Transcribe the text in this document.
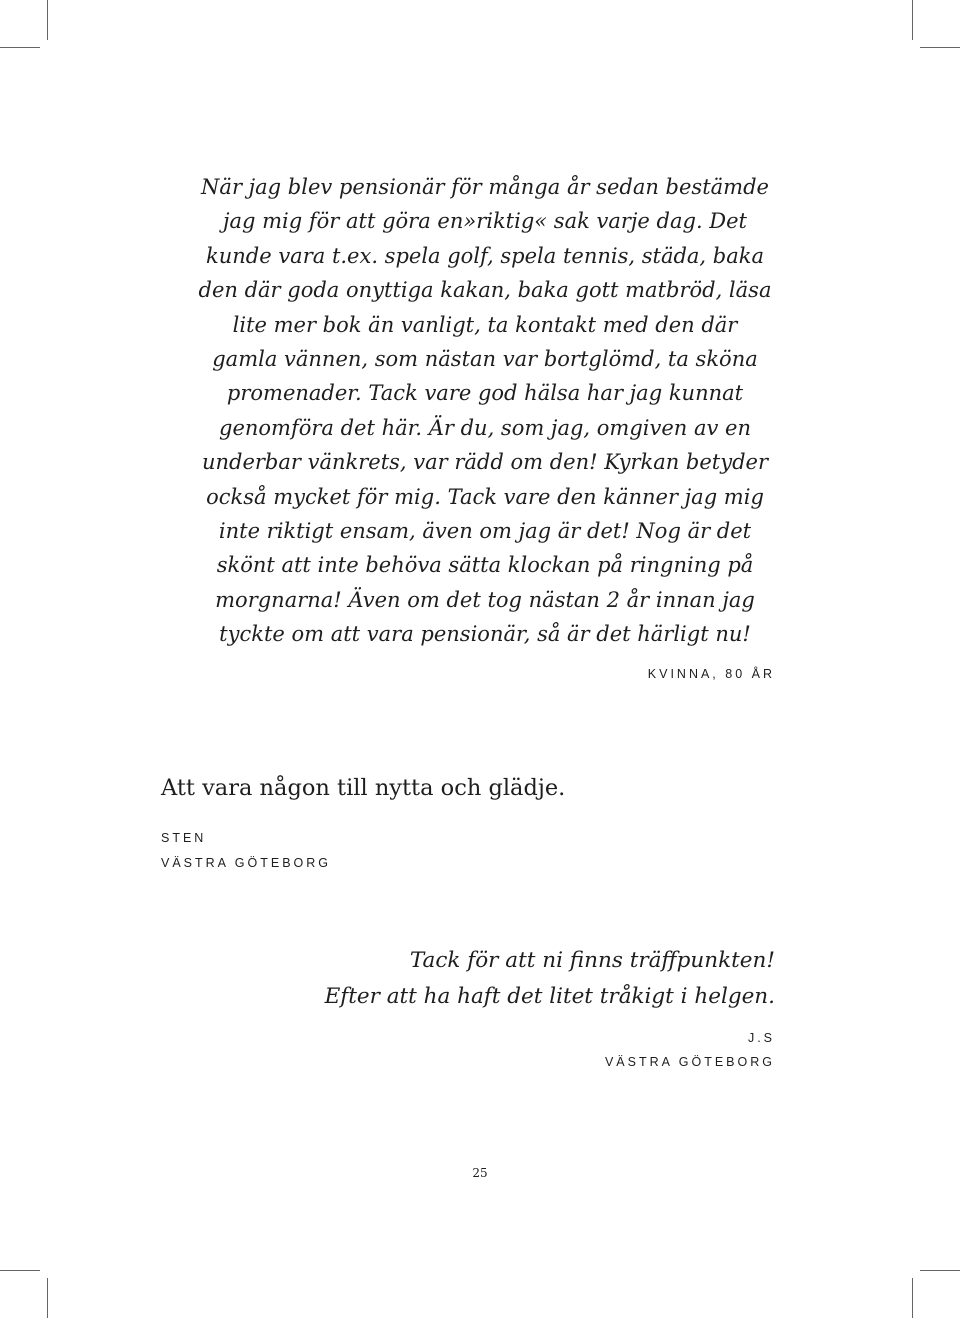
När jag blev pensionär för många år sedan bestämde
jag mig för att göra en»riktig« sak varje dag. Det
kunde vara t.ex. spela golf, spela tennis, städa, baka
den där goda onyttiga kakan, baka gott matbröd, läsa
lite mer bok än vanligt, ta kontakt med den där
gamla vännen, som nästan var bortglömd, ta sköna
promenader. Tack vare god hälsa har jag kunnat
genomföra det här. Är du, som jag, omgiven av en
underbar vänkrets, var rädd om den! Kyrkan betyder
också mycket för mig. Tack vare den känner jag mig
inte riktigt ensam, även om jag är det! Nog är det
skönt att inte behöva sätta klockan på ringning på
morgnarna! Även om det tog nästan 2 år innan jag
tyckte om att vara pensionär, så är det härligt nu!
KVINNA, 80 ÅR
Att vara någon till nytta och glädje.
STEN
VÄSTRA GÖTEBORG
Tack för att ni finns träffpunkten!
Efter att ha haft det litet tråkigt i helgen.
J.S
VÄSTRA GÖTEBORG
25
